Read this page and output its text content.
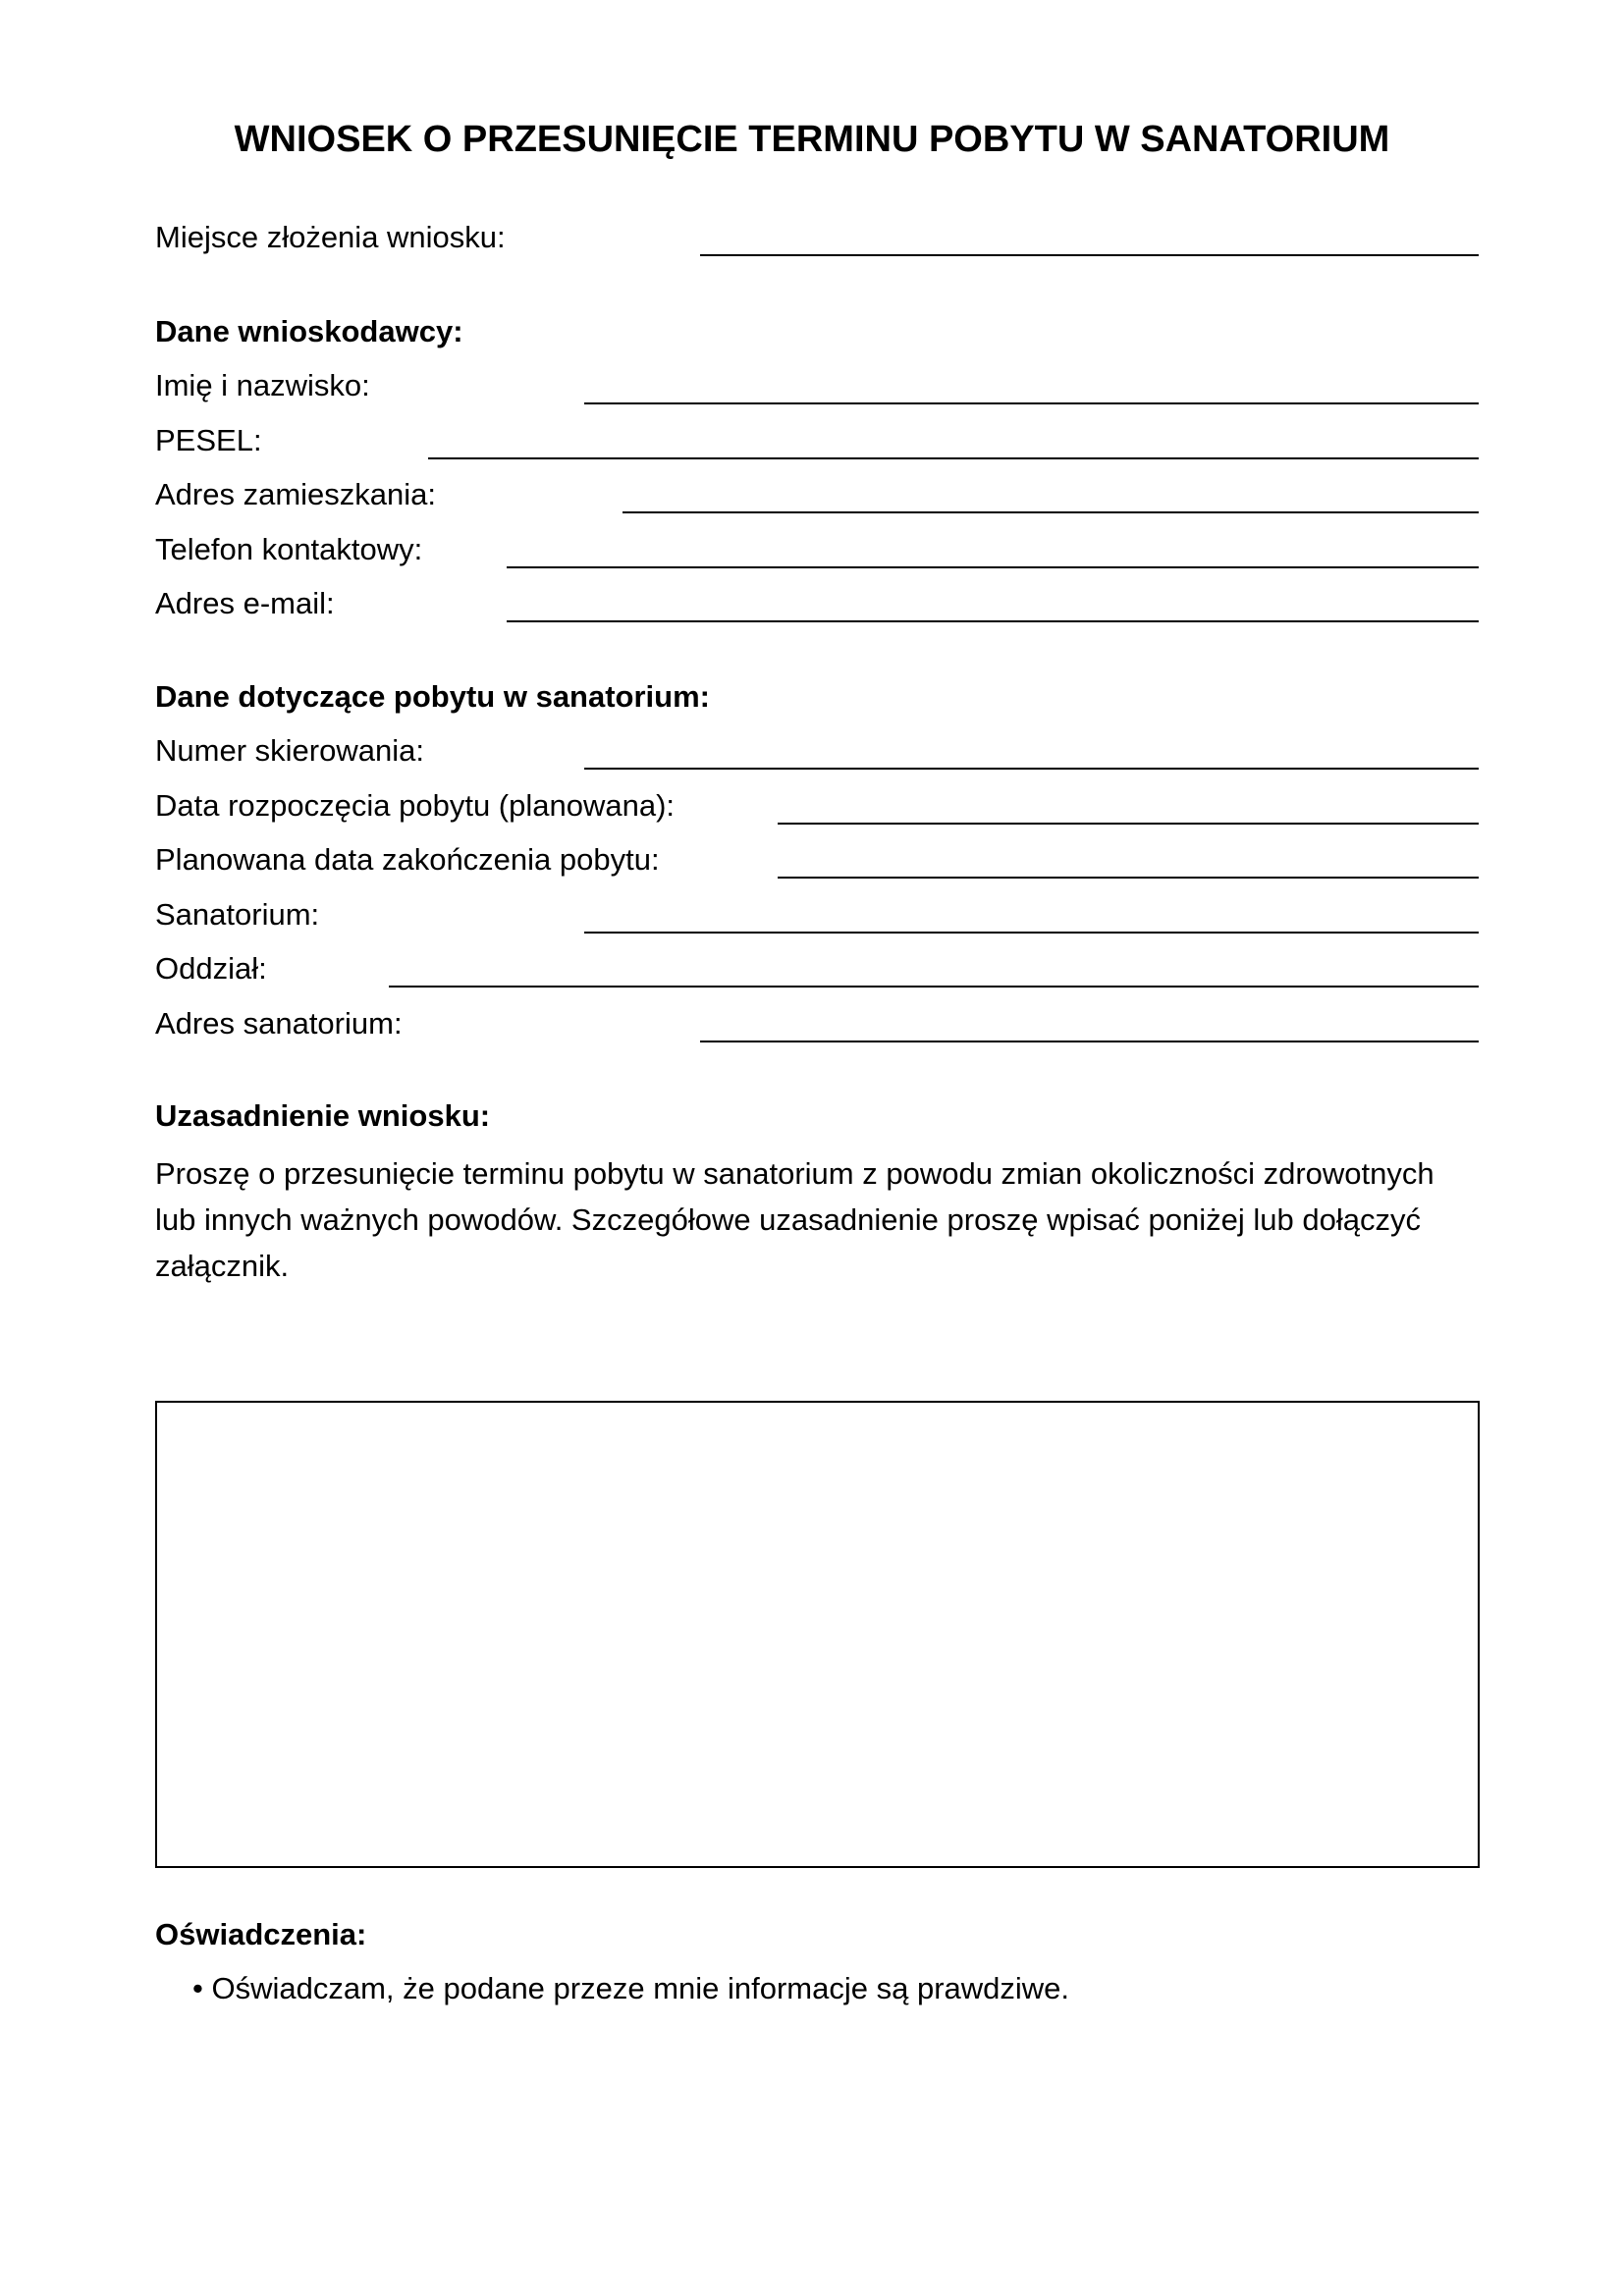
WNIOSEK O PRZESUNIĘCIE TERMINU POBYTU W SANATORIUM
Miejsce złożenia wniosku:
Dane wnioskodawcy:
Imię i nazwisko:
PESEL:
Adres zamieszkania:
Telefon kontaktowy:
Adres e-mail:
Dane dotyczące pobytu w sanatorium:
Numer skierowania:
Data rozpoczęcia pobytu (planowana):
Planowana data zakończenia pobytu:
Sanatorium:
Oddział:
Adres sanatorium:
Uzasadnienie wniosku:

Proszę o przesunięcie terminu pobytu w sanatorium z powodu zmian okoliczności zdrowotnych lub innych ważnych powodów. Szczegółowe uzasadnienie proszę wpisać poniżej lub dołączyć załącznik.

Oświadczenia:
• Oświadczam, że podane przeze mnie informacje są prawdziwe.
